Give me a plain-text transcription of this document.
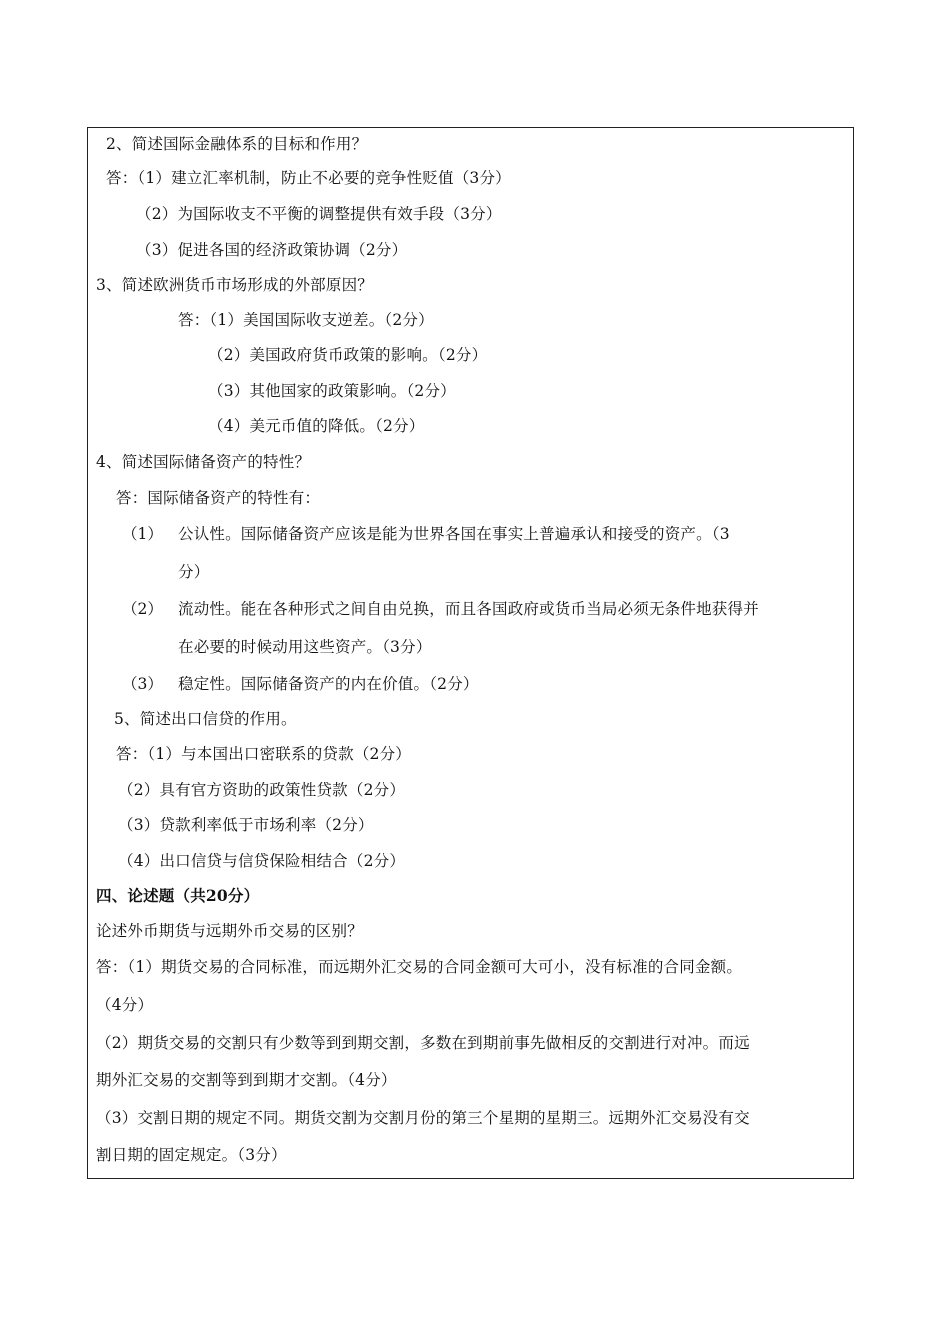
2、简述国际金融体系的目标和作用？
答：（1）建立汇率机制，防止不必要的竞争性贬值（3分）
（2）为国际收支不平衡的调整提供有效手段（3分）
（3）促进各国的经济政策协调（2分）
3、简述欧洲货币市场形成的外部原因？
答：（1）美国国际收支逆差。（2分）
（2）美国政府货币政策的影响。（2分）
（3）其他国家的政策影响。（2分）
（4）美元币值的降低。（2分）
4、简述国际储备资产的特性？
答：国际储备资产的特性有：
（1） 公认性。国际储备资产应该是能为世界各国在事实上普遍承认和接受的资产。（3
分）
（2） 流动性。能在各种形式之间自由兑换，而且各国政府或货币当局必须无条件地获得并
在必要的时候动用这些资产。（3分）
（3） 稳定性。国际储备资产的内在价值。（2分）
5、简述出口信贷的作用。
答：（1）与本国出口密联系的贷款（2分）
（2）具有官方资助的政策性贷款（2分）
（3）贷款利率低于市场利率（2分）
（4）出口信贷与信贷保险相结合（2分）
四、论述题（共20分）
论述外币期货与远期外币交易的区别？
答：（1）期货交易的合同标准，而远期外汇交易的合同金额可大可小，没有标准的合同金额。
（4分）
（2）期货交易的交割只有少数等到到期交割，多数在到期前事先做相反的交割进行对冲。而远
期外汇交易的交割等到到期才交割。（4分）
（3）交割日期的规定不同。期货交割为交割月份的第三个星期的星期三。远期外汇交易没有交
割日期的固定规定。（3分）
